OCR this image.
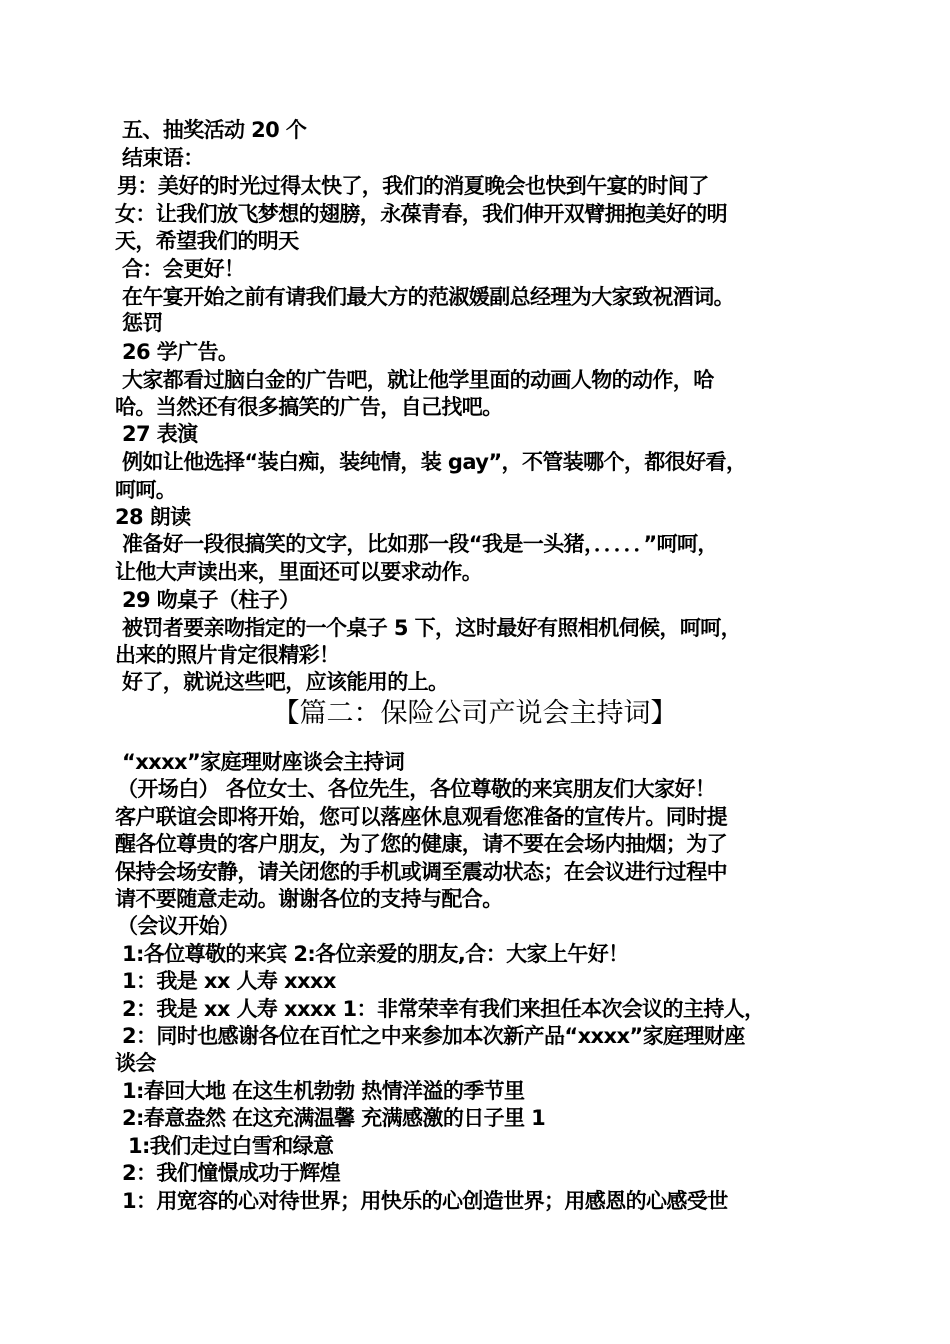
五、抽奖活动 20 个
结束语：
男：美好的时光过得太快了，我们的消夏晚会也快到午宴的时间了
女：让我们放飞梦想的翅膀，永葆青春，我们伸开双臂拥抱美好的明
天，希望我们的明天
合：会更好！
在午宴开始之前有请我们最大方的范淑媛副总经理为大家致祝酒词。
惩罚
26 学广告。
大家都看过脑白金的广告吧，就让他学里面的动画人物的动作，哈
哈。当然还有很多搞笑的广告，自己找吧。
27 表演
例如让他选择“装白痴，装纯情，装 gay”，不管装哪个，都很好看，
呵呵。
28 朗读
准备好一段很搞笑的文字，比如那一段“我是一头猪，．．．．．”呵呵，
让他大声读出来，里面还可以要求动作。
29 吻桌子（柱子）
被罚者要亲吻指定的一个桌子 5 下，这时最好有照相机伺候，呵呵，
出来的照片肯定很精彩！
好了，就说这些吧，应该能用的上。
【篇二：保险公司产说会主持词】
“xxxx”家庭理财座谈会主持词
（开场白） 各位女士、各位先生，各位尊敬的来宾朋友们大家好！
客户联谊会即将开始，您可以落座休息观看您准备的宣传片。同时提
醒各位尊贵的客户朋友，为了您的健康，请不要在会场内抽烟；为了
保持会场安静，请关闭您的手机或调至震动状态；在会议进行过程中
请不要随意走动。谢谢各位的支持与配合。
（会议开始）
1:各位尊敬的来宾 2:各位亲爱的朋友,合：大家上午好！
1：我是 xx 人寿 xxxx
2：我是 xx 人寿 xxxx 1：非常荣幸有我们来担任本次会议的主持人，
2：同时也感谢各位在百忙之中来参加本次新产品“xxxx”家庭理财座
谈会
1:春回大地 在这生机勃勃 热情洋溢的季节里
2:春意盎然 在这充满温馨 充满感激的日子里 1
1:我们走过白雪和绿意
2：我们憧憬成功于辉煌
1：用宽容的心对待世界；用快乐的心创造世界；用感恩的心感受世
